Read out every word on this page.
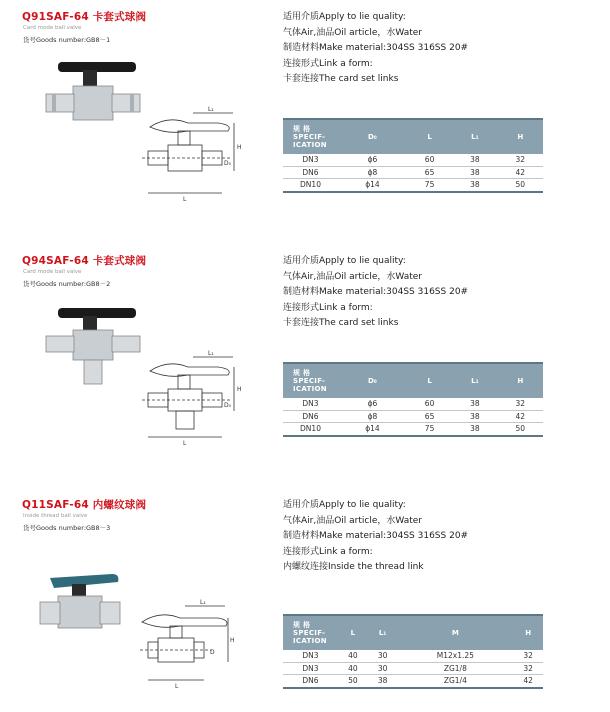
Q91SAF-64 卡套式球阀
Card mode ball valve
货号Goods number:GB8－1
L₁
H
D₀
L
适用介质Apply to lie quality:
气体Air,油品Oil article，水Water
制造材料Make material:304SS 316SS 20#
连接形式Link a form:
卡套连接The card set links
规 格
SPECIF-
ICATION	D₀	L	L₁	H
DN3	ɸ6	60	38	32
DN6	ɸ8	65	38	42
DN10	ɸ14	75	38	50
Q94SAF-64 卡套式球阀
Card mode ball valve
货号Goods number:GB8－2
L₁
H
D₀
L
适用介质Apply to lie quality:
气体Air,油品Oil article，水Water
制造材料Make material:304SS 316SS 20#
连接形式Link a form:
卡套连接The card set links
规 格
SPECIF-
ICATION	D₀	L	L₁	H
DN3	ɸ6	60	38	32
DN6	ɸ8	65	38	42
DN10	ɸ14	75	38	50
Q11SAF-64 内螺纹球阀
Inside thread ball valve
货号Goods number:GB8－3
L₁
H
D
L
适用介质Apply to lie quality:
气体Air,油品Oil article，水Water
制造材料Make material:304SS 316SS 20#
连接形式Link a form:
内螺纹连接Inside the thread link
规 格
SPECIF-
ICATION	L	L₁	M	H
DN3	40	30	M12x1.25	32
DN3	40	30	ZG1/8	32
DN6	50	38	ZG1/4	42
